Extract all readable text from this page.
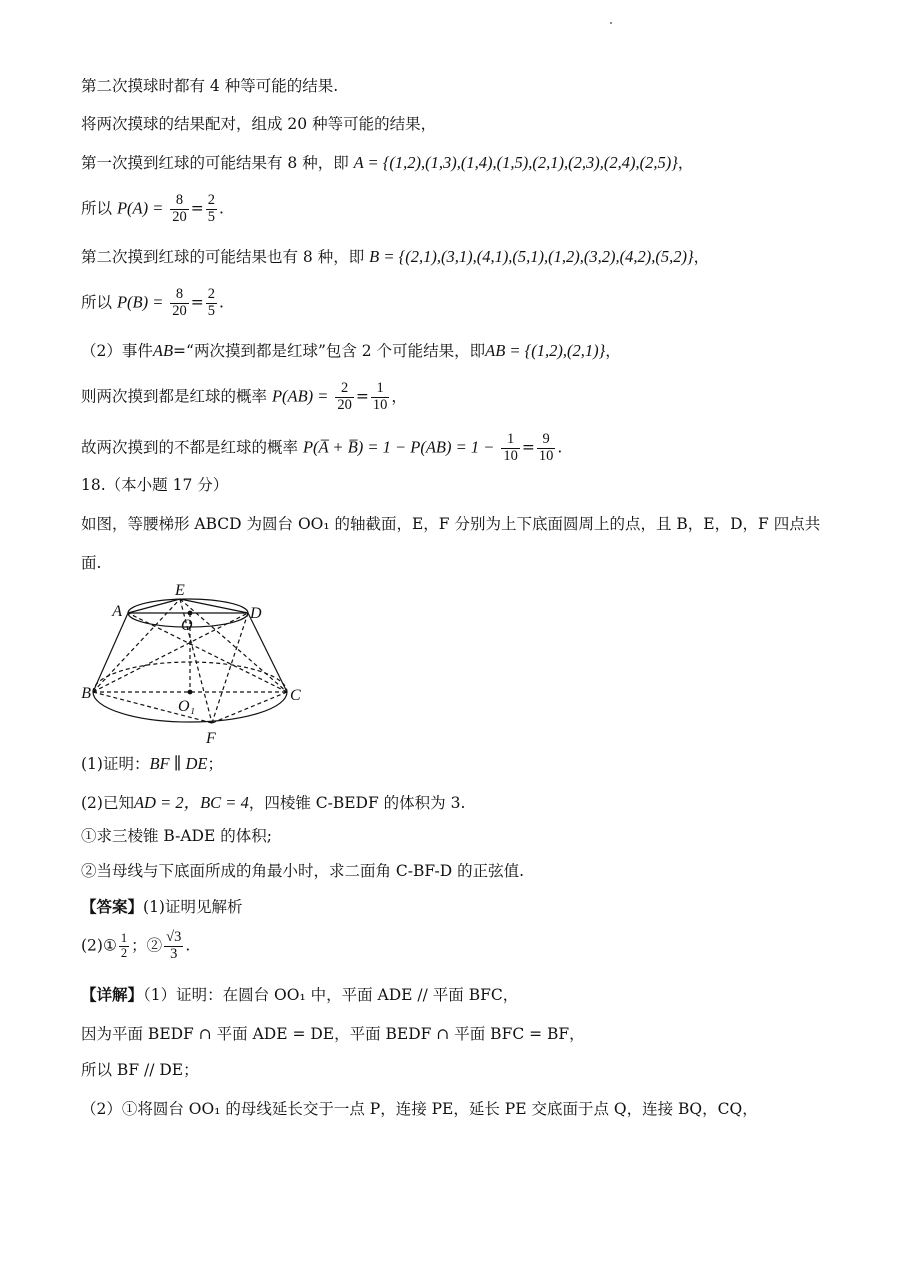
第二次摸球时都有 4 种等可能的结果.
将两次摸球的结果配对，组成 20 种等可能的结果，
第一次摸到红球的可能结果有 8 种，即 A = {(1,2),(1,3),(1,4),(1,5),(2,1),(2,3),(2,4),(2,5)}，
所以 $P(A) = \frac{8}{20} = \frac{2}{5}$ .
第二次摸到红球的可能结果也有 8 种，即 B = {(2,1),(3,1),(4,1),(5,1),(1,2),(3,2),(4,2),(5,2)}，
所以 $P(B) = \frac{8}{20} = \frac{2}{5}$ .
（2）事件AB=“两次摸到都是红球”包含 2 个可能结果，即AB = {(1,2),(2,1)}，
则两次摸到都是红球的概率 $P(AB) = \frac{2}{20} = \frac{1}{10}$ ，
故两次摸到的不都是红球的概率 P(A̅ + B̅) = $1 - P(AB) = 1 - \frac{1}{10} = \frac{9}{10}$ .
18.（本小题 17 分）
如图，等腰梯形 ABCD 为圆台 OO₁ 的轴截面，E，F 分别为上下底面圆周上的点，且 B，E，D，F 四点共
面.
A
B	C
D
E
F
O
O₁
(1)证明：BF ∥ DE；
(2)已知AD = 2，BC = 4，四棱锥 C-BEDF 的体积为 3.
①求三棱锥 B-ADE 的体积;
②当母线与下底面所成的角最小时，求二面角 C-BF-D 的正弦值.
【答案】(1)证明见解析
(2)① $\frac{1}{2}$ ；② $\frac{√3}{3}$ .
【详解】（1）证明：在圆台 OO₁ 中，平面 ADE // 平面 BFC，
因为平面 BEDF ∩ 平面 ADE = DE，平面 BEDF ∩ 平面 BFC = BF，
所以 BF // DE；
（2）①将圆台 OO₁ 的母线延长交于一点 P，连接 PE，延长 PE 交底面于点 Q，连接 BQ，CQ，
